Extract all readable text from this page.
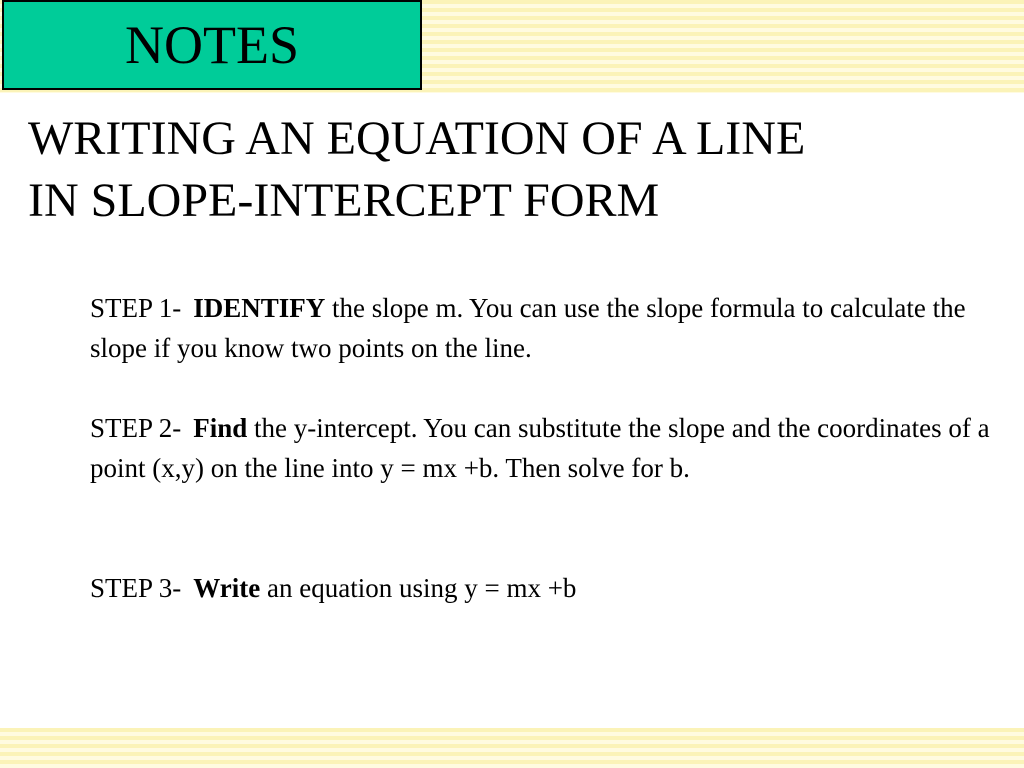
NOTES
WRITING AN EQUATION OF A LINE
IN SLOPE-INTERCEPT FORM
STEP 1- IDENTIFY the slope m. You can use the slope formula to calculate the slope if you know two points on the line.
STEP 2- Find the y-intercept. You can substitute the slope and the coordinates of a point (x,y) on the line into y = mx +b. Then solve for b.
STEP 3- Write an equation using y = mx +b
